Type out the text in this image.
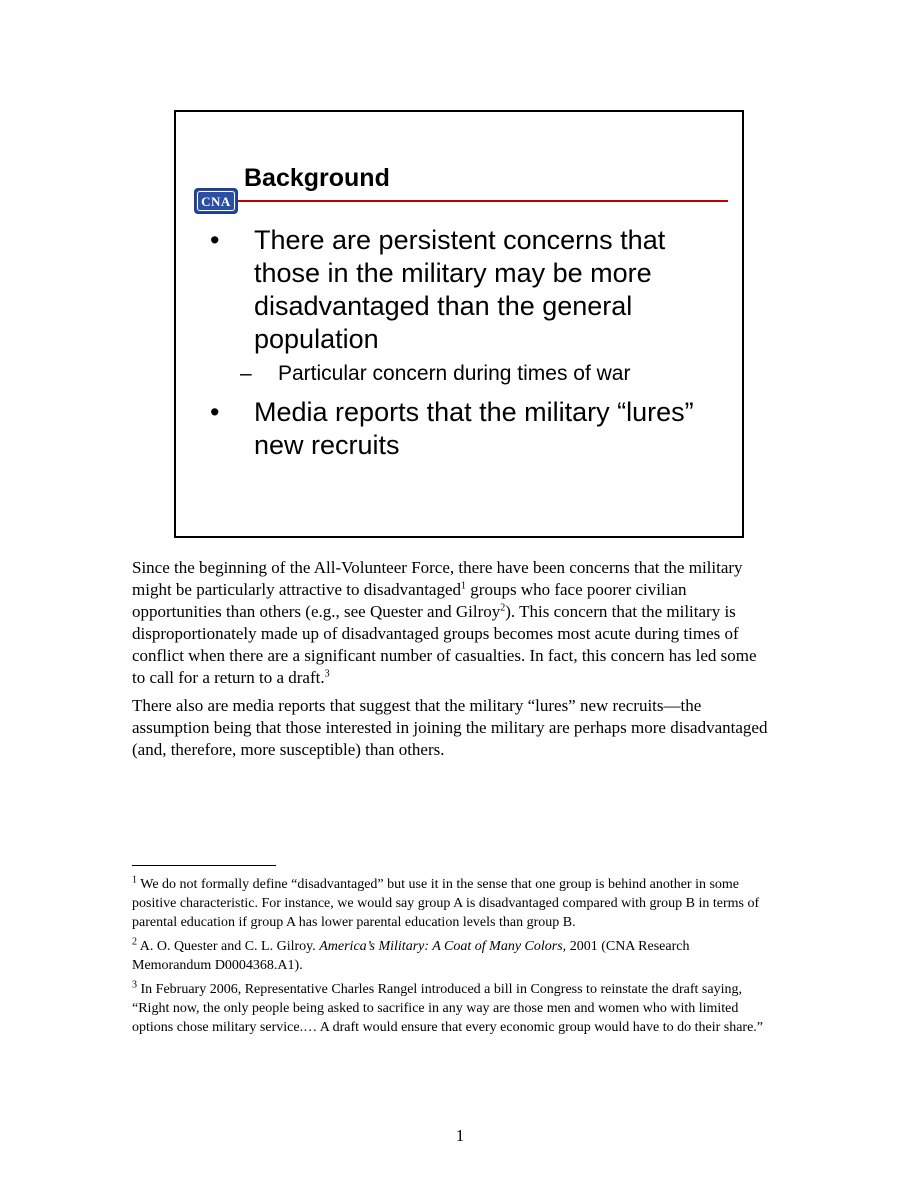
Background
CNA
• There are persistent concerns that those in the military may be more disadvantaged than the general population
– Particular concern during times of war
• Media reports that the military “lures” new recruits

Since the beginning of the All-Volunteer Force, there have been concerns that the military might be particularly attractive to disadvantaged$^1$ groups who face poorer civilian opportunities than others (e.g., see Quester and Gilroy$^2$). This concern that the military is disproportionately made up of disadvantaged groups becomes most acute during times of conflict when there are a significant number of casualties. In fact, this concern has led some to call for a return to a draft.$^3$

There also are media reports that suggest that the military “lures” new recruits—the assumption being that those interested in joining the military are perhaps more disadvantaged (and, therefore, more susceptible) than others.

$^1$ We do not formally define “disadvantaged” but use it in the sense that one group is behind another in some positive characteristic. For instance, we would say group A is disadvantaged compared with group B in terms of parental education if group A has lower parental education levels than group B.

$^2$ A. O. Quester and C. L. Gilroy. America’s Military: A Coat of Many Colors, 2001 (CNA Research Memorandum D0004368.A1).

$^3$ In February 2006, Representative Charles Rangel introduced a bill in Congress to reinstate the draft saying, “Right now, the only people being asked to sacrifice in any way are those men and women who with limited options chose military service.… A draft would ensure that every economic group would have to do their share.”

1
